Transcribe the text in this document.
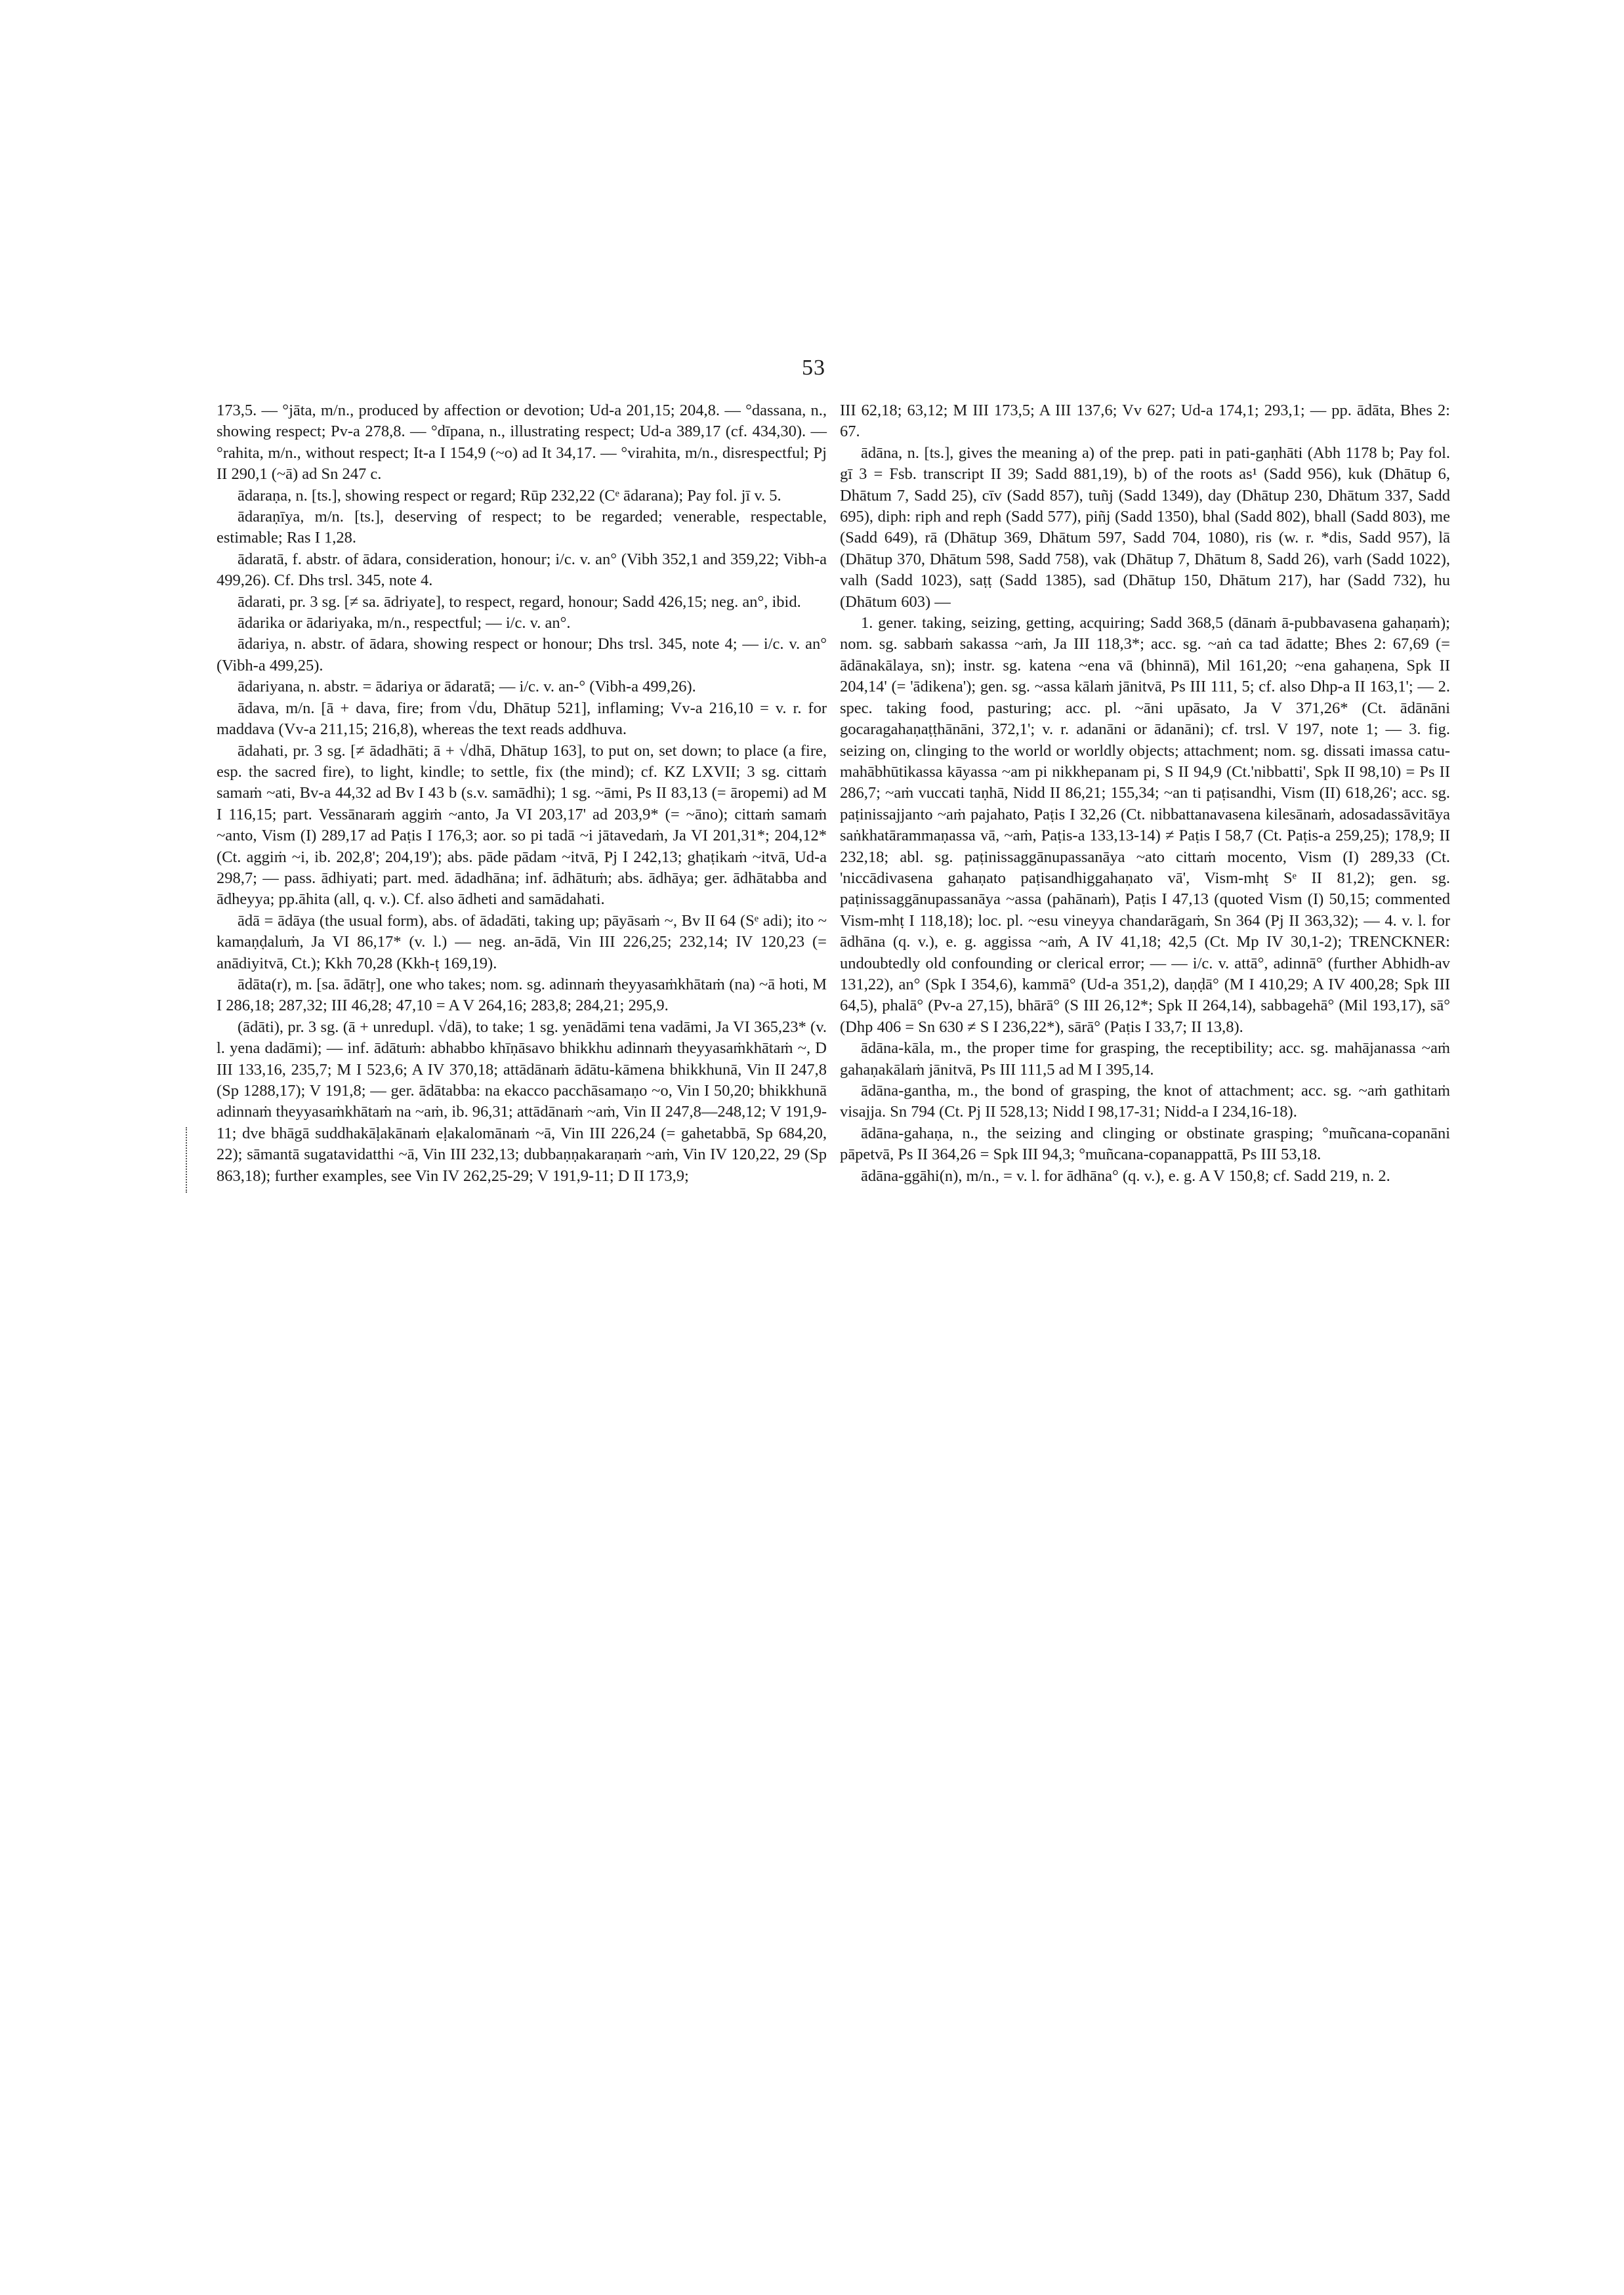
53
173,5. — °jāta, m/n., produced by affection or devotion; Ud-a 201,15; 204,8. — °dassana, n., showing respect; Pv-a 278,8. — °dīpana, n., illustrating respect; Ud-a 389,17 (cf. 434,30). — °rahita, m/n., without respect; It-a I 154,9 (~o) ad It 34,17. — °virahita, m/n., disrespectful; Pj II 290,1 (~ā) ad Sn 247 c.
ādaraṇa, n. [ts.], showing respect or regard; Rūp 232,22 (Cᵉ ādarana); Pay fol. jī v. 5.
ādaraṇīya, m/n. [ts.], deserving of respect; to be regarded; venerable, respectable, estimable; Ras I 1,28.
ādaratā, f. abstr. of ādara, consideration, honour; i/c. v. an° (Vibh 352,1 and 359,22; Vibh-a 499,26). Cf. Dhs trsl. 345, note 4.
ādarati, pr. 3 sg. [≠ sa. ādriyate], to respect, regard, honour; Sadd 426,15; neg. an°, ibid.
ādarika or ādariyaka, m/n., respectful; — i/c. v. an°.
ādariya, n. abstr. of ādara, showing respect or honour; Dhs trsl. 345, note 4; — i/c. v. an° (Vibh-a 499,25).
ādariyana, n. abstr. = ādariya or ādaratā; — i/c. v. an-° (Vibh-a 499,26).
ādava, m/n. [ā + dava, fire; from √du, Dhātup 521], inflaming; Vv-a 216,10 = v. r. for maddava (Vv-a 211,15; 216,8), whereas the text reads addhuva.
ādahati, pr. 3 sg. [≠ ādadhāti; ā + √dhā, Dhātup 163], to put on, set down; to place (a fire, esp. the sacred fire), to light, kindle; to settle, fix (the mind); cf. KZ LXVII; 3 sg. cittaṁ samaṁ ~ati, Bv-a 44,32 ad Bv I 43 b (s.v. samādhi); 1 sg. ~āmi, Ps II 83,13 (= āropemi) ad M I 116,15; part. Vessānaraṁ aggiṁ ~anto, Ja VI 203,17' ad 203,9* (= ~āno); cittaṁ samaṁ ~anto, Vism (I) 289,17 ad Paṭis I 176,3; aor. so pi tadā ~i jātavedaṁ, Ja VI 201,31*; 204,12* (Ct. aggiṁ ~i, ib. 202,8'; 204,19'); abs. pāde pādam ~itvā, Pj I 242,13; ghaṭikaṁ ~itvā, Ud-a 298,7; — pass. ādhiyati; part. med. ādadhāna; inf. ādhātuṁ; abs. ādhāya; ger. ādhātabba and ādheyya; pp.āhita (all, q. v.). Cf. also ādheti and samādahati.
ādā = ādāya (the usual form), abs. of ādadāti, taking up; pāyāsaṁ ~, Bv II 64 (Sᵉ adi); ito ~ kamaṇḍaluṁ, Ja VI 86,17* (v. l.) — neg. an-ādā, Vin III 226,25; 232,14; IV 120,23 (= anādiyitvā, Ct.); Kkh 70,28 (Kkh-ṭ 169,19).
ādāta(r), m. [sa. ādātṛ], one who takes; nom. sg. adinnaṁ theyyasaṁkhātaṁ (na) ~ā hoti, M I 286,18; 287,32; III 46,28; 47,10 = A V 264,16; 283,8; 284,21; 295,9.
(ādāti), pr. 3 sg. (ā + unredupl. √dā), to take; 1 sg. yenādāmi tena vadāmi, Ja VI 365,23* (v. l. yena dadāmi); — inf. ādātuṁ: abhabbo khīṇāsavo bhikkhu adinnaṁ theyyasaṁkhātaṁ ~, D III 133,16, 235,7; M I 523,6; A IV 370,18; attādānaṁ ādātu-kāmena bhikkhunā, Vin II 247,8 (Sp 1288,17); V 191,8; — ger. ādātabba: na ekacco pacchāsamaṇo ~o, Vin I 50,20; bhikkhunā adinnaṁ theyyasaṁkhātaṁ na ~aṁ, ib. 96,31; attādānaṁ ~aṁ, Vin II 247,8—248,12; V 191,9-11; dve bhāgā suddhakāḷakānaṁ eḷakalomānaṁ ~ā, Vin III 226,24 (= gahetabbā, Sp 684,20, 22); sāmantā sugatavidatthi ~ā, Vin III 232,13; dubbaṇṇakaraṇaṁ ~aṁ, Vin IV 120,22, 29 (Sp 863,18); further examples, see Vin IV 262,25-29; V 191,9-11; D II 173,9;
III 62,18; 63,12; M III 173,5; A III 137,6; Vv 627; Ud-a 174,1; 293,1; — pp. ādāta, Bhes 2: 67.
ādāna, n. [ts.], gives the meaning a) of the prep. pati in pati-gaṇhāti (Abh 1178 b; Pay fol. gī 3 = Fsb. transcript II 39; Sadd 881,19), b) of the roots as¹ (Sadd 956), kuk (Dhātup 6, Dhātum 7, Sadd 25), cīv (Sadd 857), tuñj (Sadd 1349), day (Dhātup 230, Dhātum 337, Sadd 695), diph: riph and reph (Sadd 577), piñj (Sadd 1350), bhal (Sadd 802), bhall (Sadd 803), me (Sadd 649), rā (Dhātup 369, Dhātum 597, Sadd 704, 1080), ris (w. r. *dis, Sadd 957), lā (Dhātup 370, Dhātum 598, Sadd 758), vak (Dhātup 7, Dhātum 8, Sadd 26), varh (Sadd 1022), valh (Sadd 1023), saṭṭ (Sadd 1385), sad (Dhātup 150, Dhātum 217), har (Sadd 732), hu (Dhātum 603) —
1. gener. taking, seizing, getting, acquiring; Sadd 368,5 (dānaṁ ā-pubbavasena gahaṇaṁ); nom. sg. sabbaṁ sakassa ~aṁ, Ja III 118,3*; acc. sg. ~aṅ ca tad ādatte; Bhes 2: 67,69 (= ādānakālaya, sn); instr. sg. katena ~ena vā (bhinnā), Mil 161,20; ~ena gahaṇena, Spk II 204,14' (= 'ādikena'); gen. sg. ~assa kālaṁ jānitvā, Ps III 111, 5; cf. also Dhp-a II 163,1'; — 2. spec. taking food, pasturing; acc. pl. ~āni upāsato, Ja V 371,26* (Ct. ādānāni gocaragahaṇaṭṭhānāni, 372,1'; v. r. adanāni or ādanāni); cf. trsl. V 197, note 1; — 3. fig. seizing on, clinging to the world or worldly objects; attachment; nom. sg. dissati imassa catu-mahābhūtikassa kāyassa ~am pi nikkhepanam pi, S II 94,9 (Ct.'nibbatti', Spk II 98,10) = Ps II 286,7; ~aṁ vuccati taṇhā, Nidd II 86,21; 155,34; ~an ti paṭisandhi, Vism (II) 618,26'; acc. sg. paṭinissajjanto ~aṁ pajahato, Paṭis I 32,26 (Ct. nibbattanavasena kilesānaṁ, adosadassāvitāya saṅkhatārammaṇassa vā, ~aṁ, Paṭis-a 133,13-14) ≠ Paṭis I 58,7 (Ct. Paṭis-a 259,25); 178,9; II 232,18; abl. sg. paṭinissaggānupassanāya ~ato cittaṁ mocento, Vism (I) 289,33 (Ct. 'niccādivasena gahaṇato paṭisandhiggahaṇato vā', Vism-mhṭ Sᵉ II 81,2); gen. sg. paṭinissaggānupassanāya ~assa (pahānaṁ), Paṭis I 47,13 (quoted Vism (I) 50,15; commented Vism-mhṭ I 118,18); loc. pl. ~esu vineyya chandarāgaṁ, Sn 364 (Pj II 363,32); — 4. v. l. for ādhāna (q. v.), e. g. aggissa ~aṁ, A IV 41,18; 42,5 (Ct. Mp IV 30,1-2); TRENCKNER: undoubtedly old confounding or clerical error; — — i/c. v. attā°, adinnā° (further Abhidh-av 131,22), an° (Spk I 354,6), kammā° (Ud-a 351,2), daṇḍā° (M I 410,29; A IV 400,28; Spk III 64,5), phalā° (Pv-a 27,15), bhārā° (S III 26,12*; Spk II 264,14), sabbagehā° (Mil 193,17), sā° (Dhp 406 = Sn 630 ≠ S I 236,22*), sārā° (Paṭis I 33,7; II 13,8).
ādāna-kāla, m., the proper time for grasping, the receptibility; acc. sg. mahājanassa ~aṁ gahaṇakālaṁ jānitvā, Ps III 111,5 ad M I 395,14.
ādāna-gantha, m., the bond of grasping, the knot of attachment; acc. sg. ~aṁ gathitaṁ visajja. Sn 794 (Ct. Pj II 528,13; Nidd I 98,17-31; Nidd-a I 234,16-18).
ādāna-gahaṇa, n., the seizing and clinging or obstinate grasping; °muñcana-copanāni pāpetvā, Ps II 364,26 = Spk III 94,3; °muñcana-copanappattā, Ps III 53,18.
ādāna-ggāhi(n), m/n., = v. l. for ādhāna° (q. v.), e. g. A V 150,8; cf. Sadd 219, n. 2.
